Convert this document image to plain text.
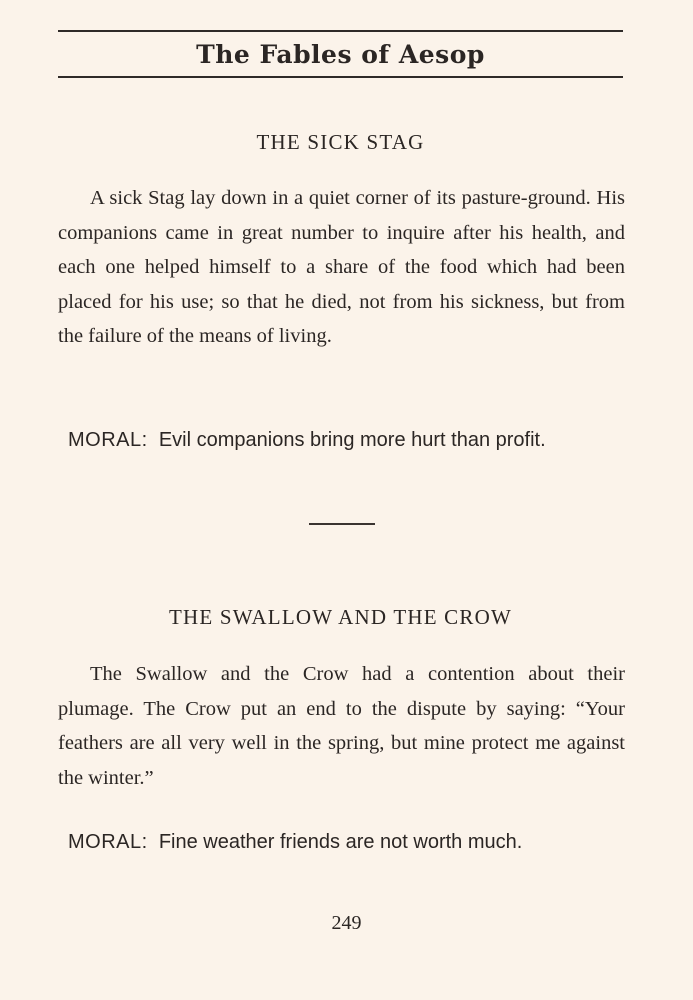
The Fables of Aesop
THE SICK STAG

A sick Stag lay down in a quiet corner of its pasture-ground. His companions came in great number to inquire after his health, and each one helped himself to a share of the food which had been placed for his use; so that he died, not from his sickness, but from the failure of the means of living.

MORAL: Evil companions bring more hurt than profit.
THE SWALLOW AND THE CROW

The Swallow and the Crow had a contention about their plumage. The Crow put an end to the dispute by saying: “Your feathers are all very well in the spring, but mine protect me against the winter.”

MORAL: Fine weather friends are not worth much.
249
